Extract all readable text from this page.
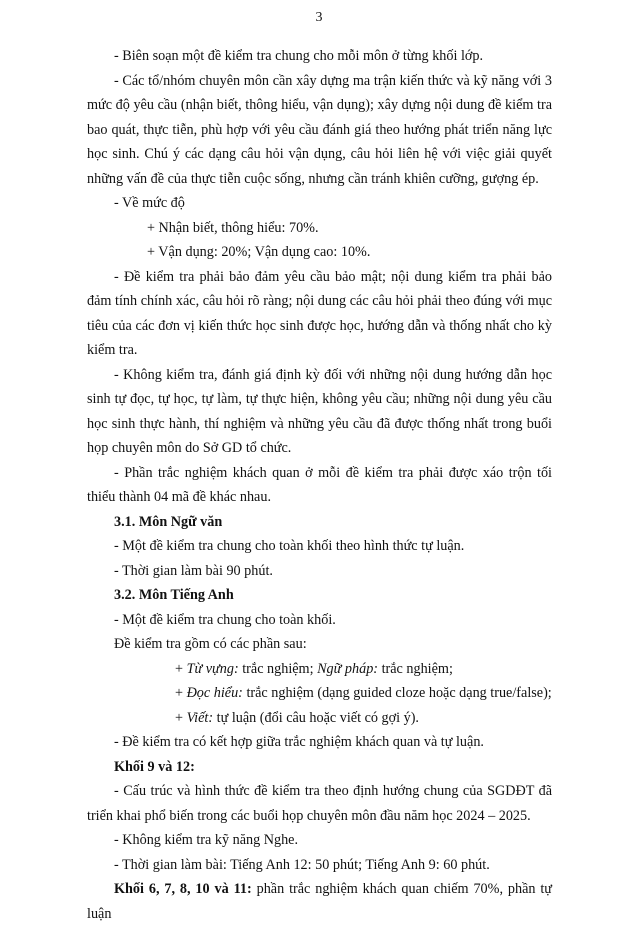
3

- Biên soạn một đề kiểm tra chung cho mỗi môn ở từng khối lớp.

- Các tổ/nhóm chuyên môn cần xây dựng ma trận kiến thức và kỹ năng với 3 mức độ yêu cầu (nhận biết, thông hiểu, vận dụng); xây dựng nội dung đề kiểm tra bao quát, thực tiễn, phù hợp với yêu cầu đánh giá theo hướng phát triển năng lực học sinh. Chú ý các dạng câu hỏi vận dụng, câu hỏi liên hệ với việc giải quyết những vấn đề của thực tiễn cuộc sống, nhưng cần tránh khiên cưỡng, gượng ép.

- Về mức độ

+ Nhận biết, thông hiểu: 70%.

+ Vận dụng: 20%; Vận dụng cao: 10%.

- Đề kiểm tra phải bảo đảm yêu cầu bảo mật; nội dung kiểm tra phải bảo đảm tính chính xác, câu hỏi rõ ràng; nội dung các câu hỏi phải theo đúng với mục tiêu của các đơn vị kiến thức học sinh được học, hướng dẫn và thống nhất cho kỳ kiểm tra.

- Không kiểm tra, đánh giá định kỳ đối với những nội dung hướng dẫn học sinh tự đọc, tự học, tự làm, tự thực hiện, không yêu cầu; những nội dung yêu cầu học sinh thực hành, thí nghiệm và những yêu cầu đã được thống nhất trong buổi họp chuyên môn do Sở GD tổ chức.

- Phần trắc nghiệm khách quan ở mỗi đề kiểm tra phải được xáo trộn tối thiểu thành 04 mã đề khác nhau.

3.1. Môn Ngữ văn

- Một đề kiểm tra chung cho toàn khối theo hình thức tự luận.

- Thời gian làm bài 90 phút.

3.2. Môn Tiếng Anh

- Một đề kiểm tra chung cho toàn khối.

Đề kiểm tra gồm có các phần sau:

+ Từ vựng: trắc nghiệm; Ngữ pháp: trắc nghiệm;

+ Đọc hiểu: trắc nghiệm (dạng guided cloze hoặc dạng true/false);

+ Viết: tự luận (đổi câu hoặc viết có gợi ý).

- Đề kiểm tra có kết hợp giữa trắc nghiệm khách quan và tự luận.

Khối 9 và 12:

- Cấu trúc và hình thức đề kiểm tra theo định hướng chung của SGDĐT đã triển khai phổ biến trong các buổi họp chuyên môn đầu năm học 2024 – 2025.

- Không kiểm tra kỹ năng Nghe.

- Thời gian làm bài: Tiếng Anh 12: 50 phút; Tiếng Anh 9: 60 phút.

Khối 6, 7, 8, 10 và 11: phần trắc nghiệm khách quan chiếm 70%, phần tự luận
